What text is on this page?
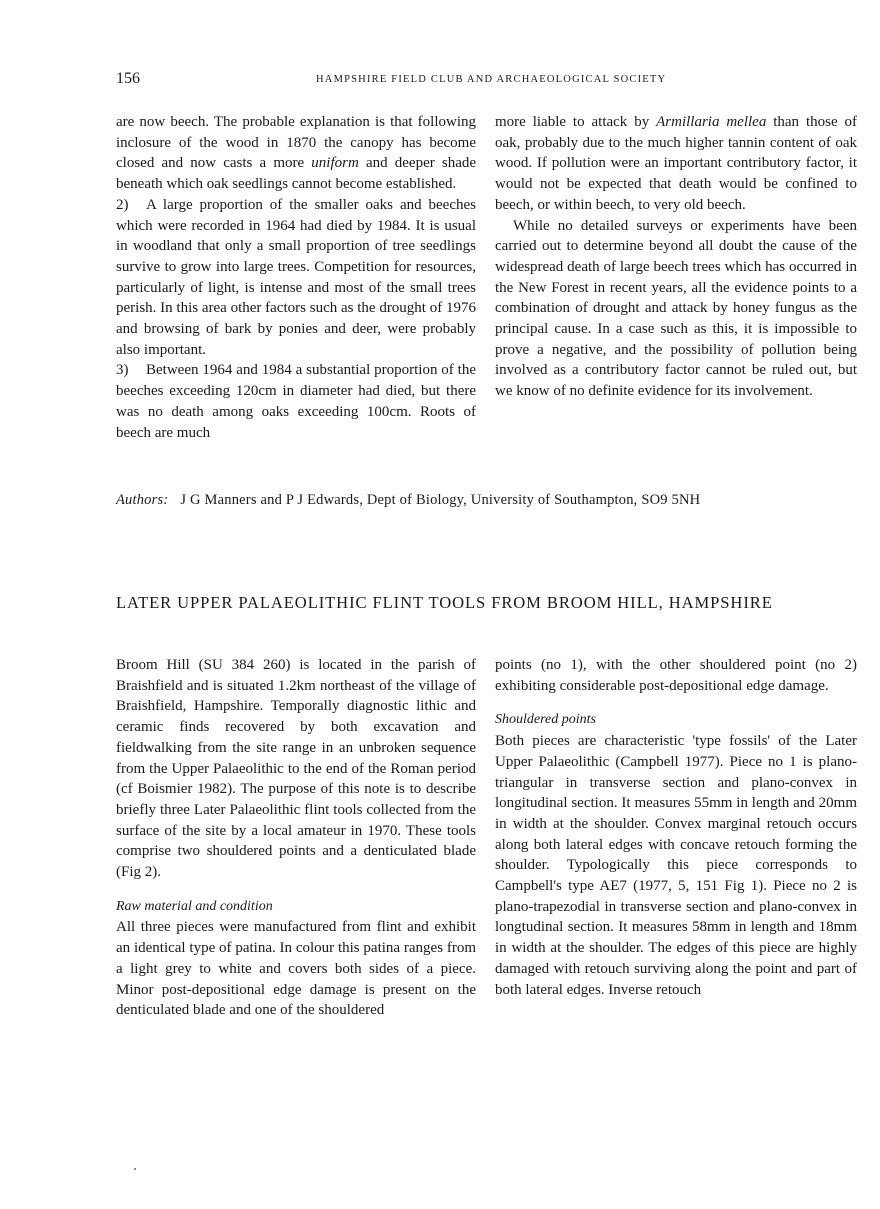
156	HAMPSHIRE FIELD CLUB AND ARCHAEOLOGICAL SOCIETY

are now beech. The probable explanation is that following inclosure of the wood in 1870 the canopy has become closed and now casts a more uniform and deeper shade beneath which oak seedlings cannot become established.

2) A large proportion of the smaller oaks and beeches which were recorded in 1964 had died by 1984. It is usual in woodland that only a small proportion of tree seedlings survive to grow into large trees. Competition for resources, particularly of light, is intense and most of the small trees perish. In this area other factors such as the drought of 1976 and browsing of bark by ponies and deer, were probably also important.

3) Between 1964 and 1984 a substantial proportion of the beeches exceeding 120cm in diameter had died, but there was no death among oaks exceeding 100cm. Roots of beech are much

more liable to attack by Armillaria mellea than those of oak, probably due to the much higher tannin content of oak wood. If pollution were an important contributory factor, it would not be expected that death would be confined to beech, or within beech, to very old beech.

While no detailed surveys or experiments have been carried out to determine beyond all doubt the cause of the widespread death of large beech trees which has occurred in the New Forest in recent years, all the evidence points to a combination of drought and attack by honey fungus as the principal cause. In a case such as this, it is impossible to prove a negative, and the possibility of pollution being involved as a contributory factor cannot be ruled out, but we know of no definite evidence for its involvement.

Authors: J G Manners and P J Edwards, Dept of Biology, University of Southampton, SO9 5NH
LATER UPPER PALAEOLITHIC FLINT TOOLS FROM BROOM HILL, HAMPSHIRE

Broom Hill (SU 384 260) is located in the parish of Braishfield and is situated 1.2km northeast of the village of Braishfield, Hampshire. Temporally diagnostic lithic and ceramic finds recovered by both excavation and fieldwalking from the site range in an unbroken sequence from the Upper Palaeolithic to the end of the Roman period (cf Boismier 1982). The purpose of this note is to describe briefly three Later Palaeolithic flint tools collected from the surface of the site by a local amateur in 1970. These tools comprise two shouldered points and a denticulated blade (Fig 2).

Raw material and condition

All three pieces were manufactured from flint and exhibit an identical type of patina. In colour this patina ranges from a light grey to white and covers both sides of a piece. Minor post-depositional edge damage is present on the denticulated blade and one of the shouldered

points (no 1), with the other shouldered point (no 2) exhibiting considerable post-depositional edge damage.

Shouldered points

Both pieces are characteristic 'type fossils' of the Later Upper Palaeolithic (Campbell 1977). Piece no 1 is plano-triangular in transverse section and plano-convex in longitudinal section. It measures 55mm in length and 20mm in width at the shoulder. Convex marginal retouch occurs along both lateral edges with concave retouch forming the shoulder. Typologically this piece corresponds to Campbell's type AE7 (1977, 5, 151 Fig 1). Piece no 2 is plano-trapezodial in transverse section and plano-convex in longtudinal section. It measures 58mm in length and 18mm in width at the shoulder. The edges of this piece are highly damaged with retouch surviving along the point and part of both lateral edges. Inverse retouch
